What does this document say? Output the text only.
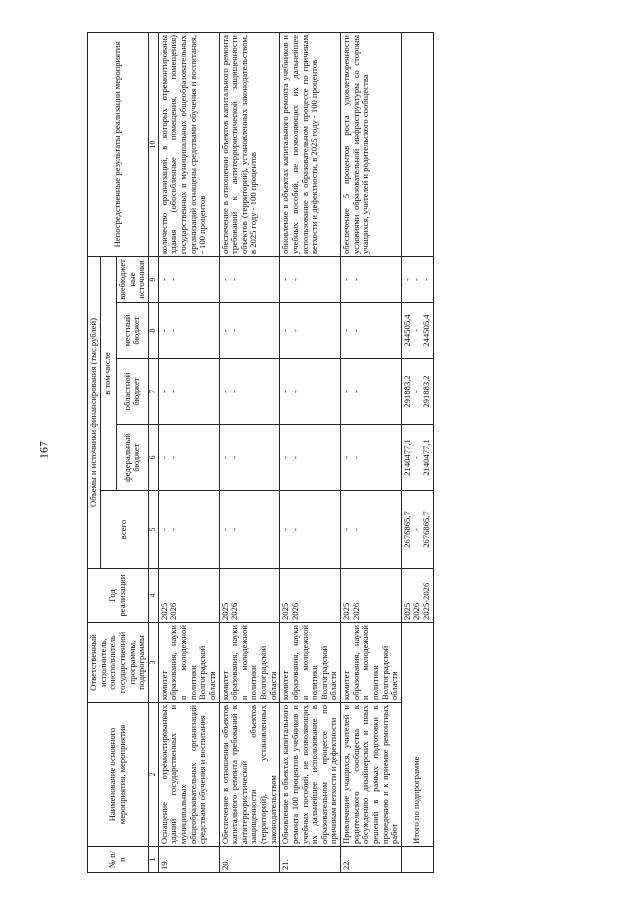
167
№ п/п	Наименование основного мероприятия, мероприятия	Ответственный исполнитель, соисполнитель государственной программы, подпрограммы	Год реализации	Объемы и источники финансирования (тыс.рублей)					Непосредственные результаты реализации мероприятия
				всего	в том числе				
					федеральный бюджет	областной бюджет	местный бюджет	внебюджетные источники	
1	2	3	4	5	6	7	8	9	10
19.	Оснащение отремонтированных зданий государственных и муниципальных общеобразовательных организаций средствами обучения и воспитания	комитет образования, науки и молодежной политики Волгоградской области	2025 2026	- -	- -	- -	- -	- -	количество организаций, в которых отремонтированы здания (обособленные помещения, помещения) государственных и муниципальных общеобразовательных организаций оснащены средствами обучения и воспитания, - 100 процентов
20.	Обеспечение в отношении объектов капитального ремонта требований к антитеррористической защищенности объектов (территорий), установленных законодательством	комитет образования, науки и молодежной политики Волгоградской области	2025 2026	- -	- -	- -	- -	- -	обеспечение в отношении объектов капитального ремонта требований к антитеррористической защищенности объектов (территорий), установленных законодательством, в 2025 году - 100 процентов
21.	Обновление в объектах капитального ремонта 100 процентов учебников и учебных пособий, не позволяющих их дальнейшее использование в образовательном процессе по причинам ветхости и дефектности	комитет образования, науки и молодежной политики Волгоградской области	2025 2026	- -	- -	- -	- -	- -	обновление в объектах капитального ремонта учебников и учебных пособий, не позволяющих их дальнейшее использование в образовательном процессе по причинам ветхости и дефектности, в 2025 году - 100 процентов
22.	Привлечение учащихся, учителей и родительского сообщества к обсуждению дизайнерских и иных решений в рамках подготовки к проведению и к приемке ремонтных работ	комитет образования, науки и молодежной политики Волгоградской области	2025 2026	- -	- -	- -	- -	- -	обеспечение 5 процентов роста удовлетворенности условиями образовательной инфраструктуры со стороны учащихся, учителей и родительского сообщества
	Итого по подпрограмме		2025 2026 2025-2026	2676865,7 - 2676865,7	2140477,1 - 2140477,1	291883,2 - 291883,2	244505,4 - 244505,4	- - -	
